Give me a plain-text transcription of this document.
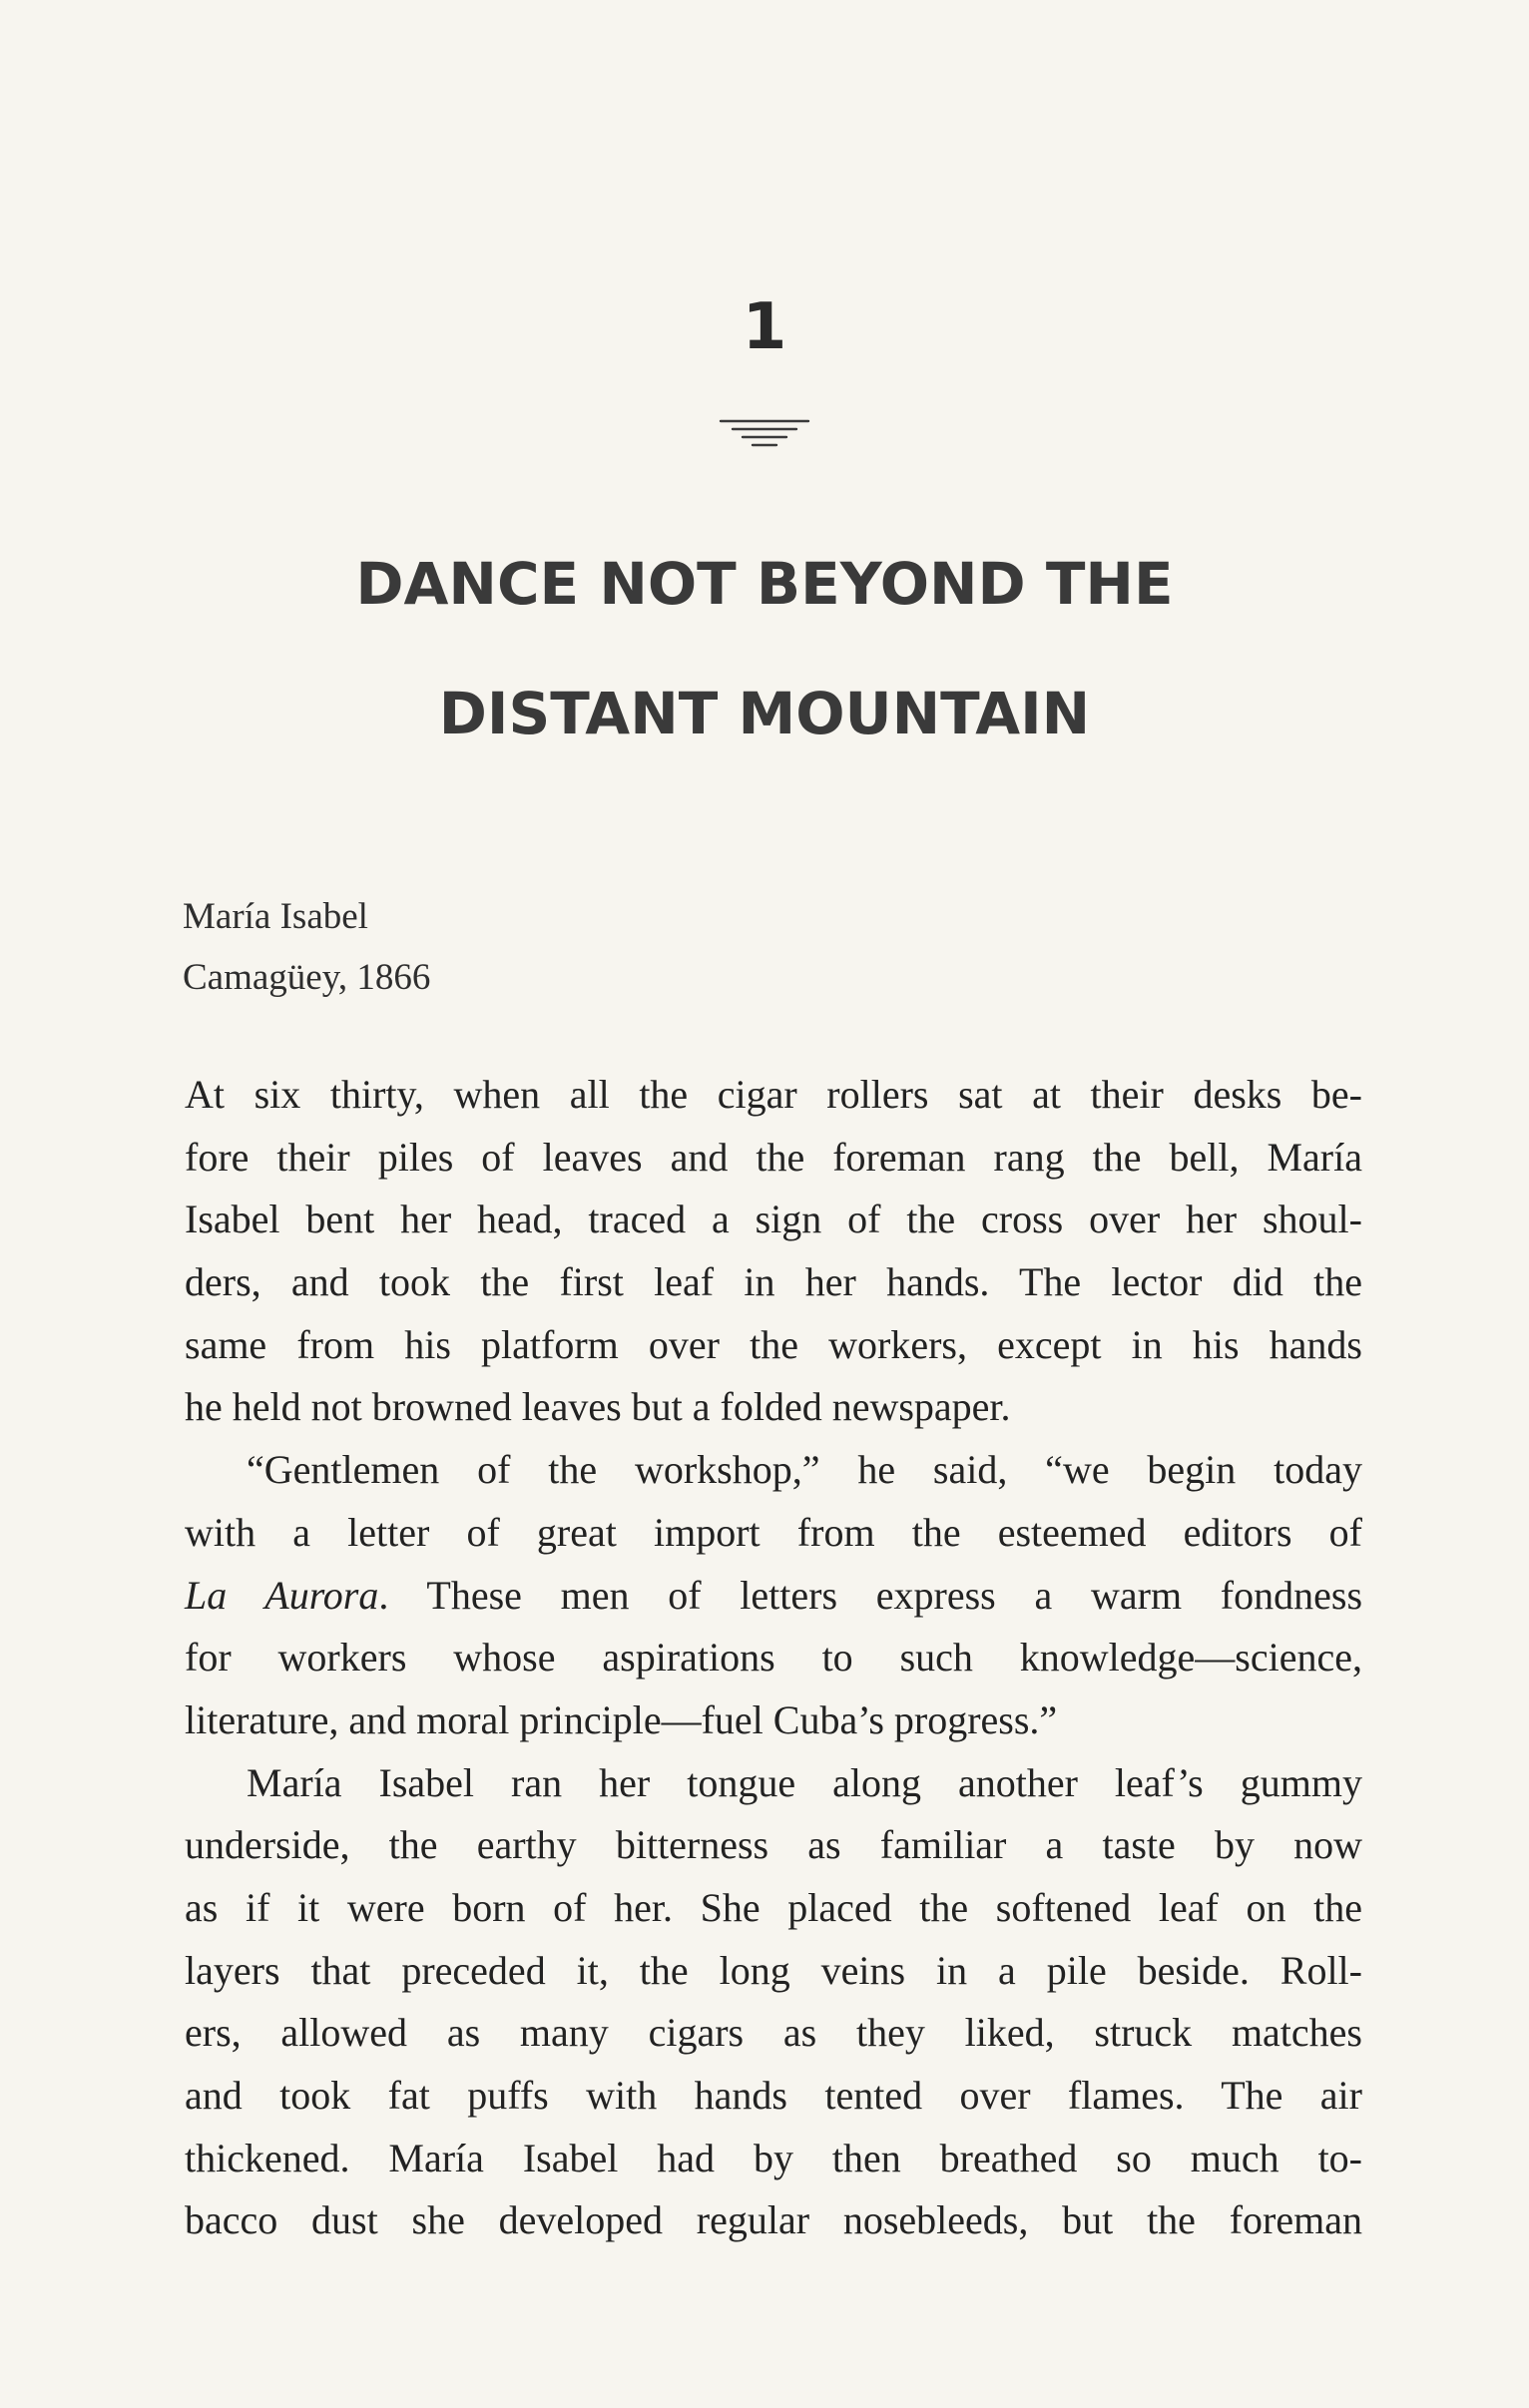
1
DANCE NOT BEYOND THE
DISTANT MOUNTAIN
María Isabel
Camagüey, 1866
At six thirty, when all the cigar rollers sat at their desks be-
fore their piles of leaves and the foreman rang the bell, María
Isabel bent her head, traced a sign of the cross over her shoul-
ders, and took the first leaf in her hands. The lector did the
same from his platform over the workers, except in his hands
he held not browned leaves but a folded newspaper.
“Gentlemen of the workshop,” he said, “we begin today
with a letter of great import from the esteemed editors of
La Aurora. These men of letters express a warm fondness
for workers whose aspirations to such knowledge—science,
literature, and moral principle—fuel Cuba’s progress.”
María Isabel ran her tongue along another leaf’s gummy
underside, the earthy bitterness as familiar a taste by now
as if it were born of her. She placed the softened leaf on the
layers that preceded it, the long veins in a pile beside. Roll-
ers, allowed as many cigars as they liked, struck matches
and took fat puffs with hands tented over flames. The air
thickened. María Isabel had by then breathed so much to-
bacco dust she developed regular nosebleeds, but the foreman
